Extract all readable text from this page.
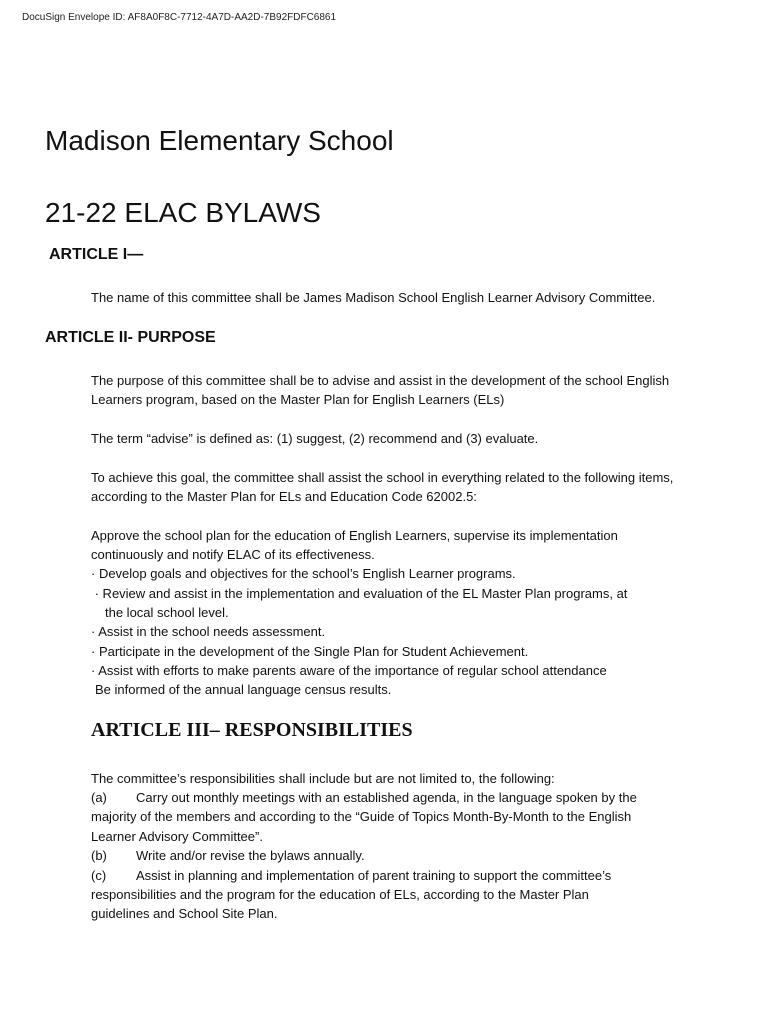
DocuSign Envelope ID: AF8A0F8C-7712-4A7D-AA2D-7B92FDFC6861
Madison Elementary School
21-22 ELAC BYLAWS
ARTICLE I—
The name of this committee shall be James Madison School English Learner Advisory Committee.
ARTICLE II- PURPOSE
The purpose of this committee shall be to advise and assist in the development of the school English Learners program, based on the Master Plan for English Learners (ELs)
The term “advise” is defined as: (1) suggest, (2) recommend and (3) evaluate.
To achieve this goal, the committee shall assist the school in everything related to the following items, according to the Master Plan for ELs and Education Code 62002.5:
Approve the school plan for the education of English Learners, supervise its implementation
continuously and notify ELAC of its effectiveness.
· Develop goals and objectives for the school’s English Learner programs.
· Review and assist in the implementation and evaluation of the EL Master Plan programs, at
the local school level.
· Assist in the school needs assessment.
· Participate in the development of the Single Plan for Student Achievement.
· Assist with efforts to make parents aware of the importance of regular school attendance
Be informed of the annual language census results.
ARTICLE III– RESPONSIBILITIES
The committee’s responsibilities shall include but are not limited to, the following:
(a) Carry out monthly meetings with an established agenda, in the language spoken by the
majority of the members and according to the “Guide of Topics Month-By-Month to the English
Learner Advisory Committee”.
(b) Write and/or revise the bylaws annually.
(c) Assist in planning and implementation of parent training to support the committee’s
responsibilities and the program for the education of ELs, according to the Master Plan
guidelines and School Site Plan.
